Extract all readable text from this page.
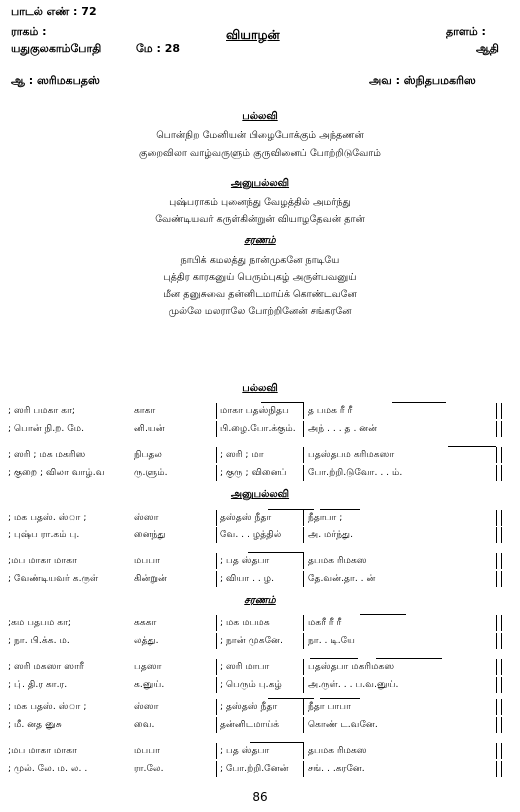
பாடல் எண் : 72
ராகம் :
யதுகுலகாம்போதி	மே : 28
வியாழன்	தாளம் :
ஆதி
ஆ : ஸரிமகபதஸ்	அவ : ஸ்நிதபமகரிஸ
பல்லவி
பொன்நிற மேனியன் பிழைபோக்கும் அந்தணன்
குறைவிலா வாழ்வருளும் குருவினைப் போற்றிடுவோம்
அனுபல்லவி
புஷ்பராகம் புனைந்து வேழத்தில் அமர்ந்து
வேண்டியவர் கருள்கின்றுன் வியாழதேவன் தான்
சரணம்
நாபிக் கமலத்து நான்முகனே நாடியே
புத்திர காரகனுய் பெரும்புகழ் அருள்பவனுய்
மீன தனுசுவை தன்னிடமாய்க் கொண்டவனே
முல்லே மலராலே போற்றினேன் சங்கரனே
பல்லவி
அனுபல்லவி
சரணம்
; ஸரி பமகா கா;	காகா	மாகா பதஸ்நிதப த பமக ரீ ரீ
; பொன் நி.ற. மே.	னி.யன்	பி.ழை.போ.க்கும். அந் . . . த . னன்
; ஸரி ; மக மகரிஸ	நிபதல	; ஸரி ; மா	பதஸ்தபம கரிமகஸா
; குறை ; விலா வாழ்.வ	ரு.ளும்.	; குரு ; வினைப் போ.ற்றி.டுவோ. . . ம்.
; மக பதஸ். ஸ்ா ;	ஸ்ஸா	தஸ்தஸ் நீதா	நீதாபா ;
; புஷ்ப ரா.கம் பு.	னைந்து	வே. . . ழத்தில்	அ. மர்ந்து.
;மப மாகா மாகா	மபபா	; பத ஸ்தபா	தபமக ரிமகஸ
; வேண்டியவர் க.ருள்	கின்றுன்	; வியா . . ழ.	தே.வன்.தா. . ன்
;கம பதபம கா;	கககா	; மக மபமக	மகரீ ரீ ரீ
; நா. பி.க்க. ம.	லத்து.	; நான் முகனே.	நா. . டி.யே
; ஸரி மகஸா ஸாரீ	பதஸா	; ஸரி மாபா	பதஸ்தபா மகரிமகஸ
; பு். தி.ர கா.ர.	க.னுய்.	; பெரும் பு.கழ்	அ.ருள். . . ப.வ.னுய்.
; மக பதஸ். ஸ்ா ;	ஸ்ஸா	; தஸ்தஸ் நீதா	நீதா பாபா
; மீ. னத னுசு	வை.	தன்னிடமாய்க்	கொண் ட.வனே.
;மப மாகா மாகா	மபபா	; பத ஸ்தபா	தபமக ரிமகஸ
; முல். லே. ம. ல. .	ரா.லே.	; போ.ற்றி.னேன் சங். . .கரனே.
86
